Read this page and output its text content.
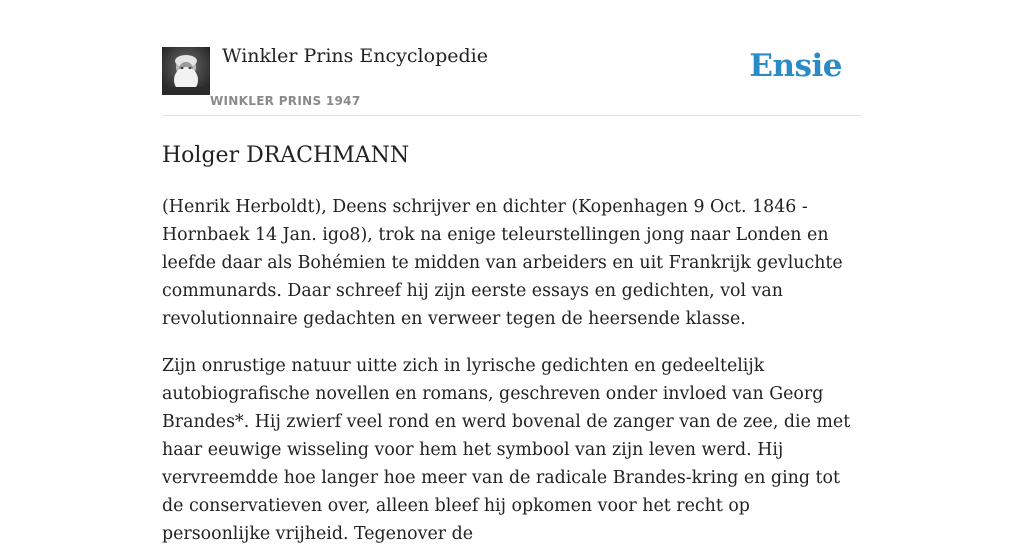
Winkler Prins Encyclopedie
WINKLER PRINS 1947
Ensie
Holger DRACHMANN

(Henrik Herboldt), Deens schrijver en dichter (Kopenhagen 9 Oct. 1846 - Hornbaek 14 Jan. igo8), trok na enige teleurstellingen jong naar Londen en leefde daar als Bohémien te midden van arbeiders en uit Frankrijk gevluchte communards. Daar schreef hij zijn eerste essays en gedichten, vol van revolutionnaire gedachten en verweer tegen de heersende klasse.

Zijn onrustige natuur uitte zich in lyrische gedichten en gedeeltelijk autobiografische novellen en romans, geschreven onder invloed van Georg Brandes*. Hij zwierf veel rond en werd bovenal de zanger van de zee, die met haar eeuwige wisseling voor hem het symbool van zijn leven werd. Hij vervreemdde hoe langer hoe meer van de radicale Brandes-kring en ging tot de conservatieven over, alleen bleef hij opkomen voor het recht op persoonlijke vrijheid. Tegenover de
